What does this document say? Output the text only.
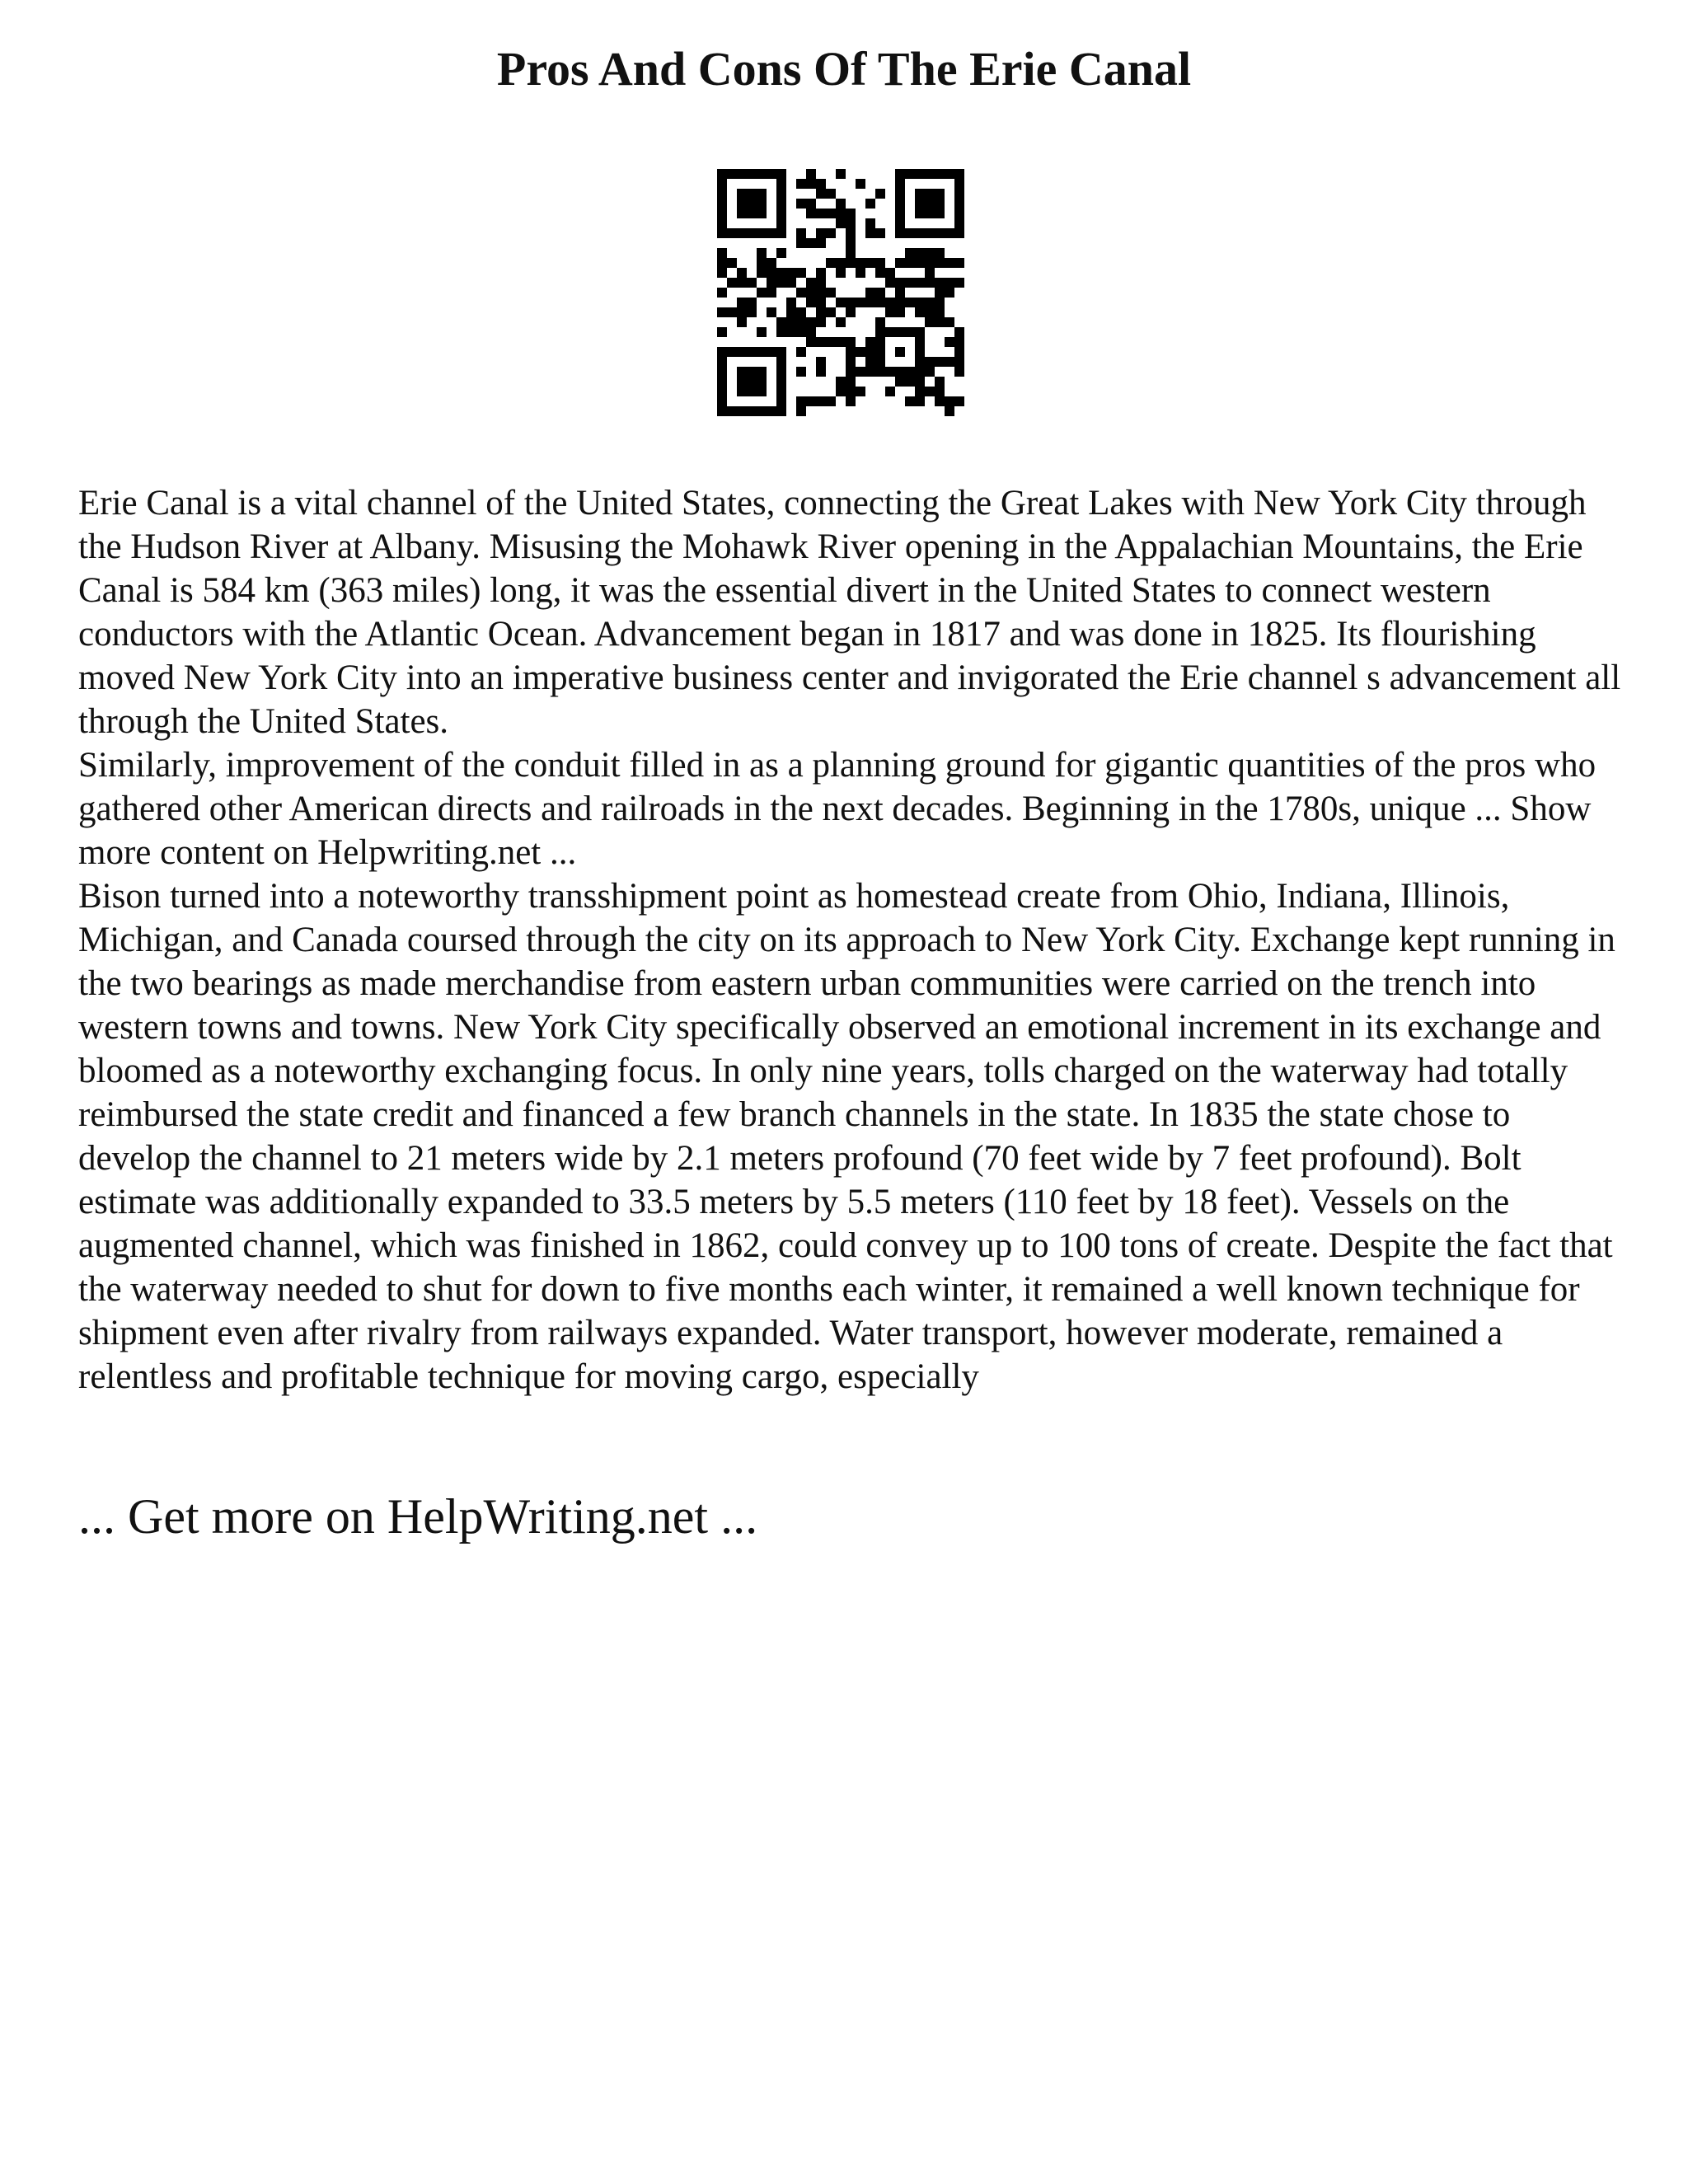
Pros And Cons Of The Erie Canal

Erie Canal is a vital channel of the United States, connecting the Great Lakes with New York City through the Hudson River at Albany. Misusing the Mohawk River opening in the Appalachian Mountains, the Erie Canal is 584 km (363 miles) long, it was the essential divert in the United States to connect western conductors with the Atlantic Ocean. Advancement began in 1817 and was done in 1825. Its flourishing moved New York City into an imperative business center and invigorated the Erie channel s advancement all through the United States.

Similarly, improvement of the conduit filled in as a planning ground for gigantic quantities of the pros who gathered other American directs and railroads in the next decades. Beginning in the 1780s, unique ... Show more content on Helpwriting.net ...

Bison turned into a noteworthy transshipment point as homestead create from Ohio, Indiana, Illinois, Michigan, and Canada coursed through the city on its approach to New York City. Exchange kept running in the two bearings as made merchandise from eastern urban communities were carried on the trench into western towns and towns. New York City specifically observed an emotional increment in its exchange and bloomed as a noteworthy exchanging focus. In only nine years, tolls charged on the waterway had totally reimbursed the state credit and financed a few branch channels in the state. In 1835 the state chose to develop the channel to 21 meters wide by 2.1 meters profound (70 feet wide by 7 feet profound). Bolt estimate was additionally expanded to 33.5 meters by 5.5 meters (110 feet by 18 feet). Vessels on the augmented channel, which was finished in 1862, could convey up to 100 tons of create. Despite the fact that the waterway needed to shut for down to five months each winter, it remained a well known technique for shipment even after rivalry from railways expanded. Water transport, however moderate, remained a relentless and profitable technique for moving cargo, especially

... Get more on HelpWriting.net ...
